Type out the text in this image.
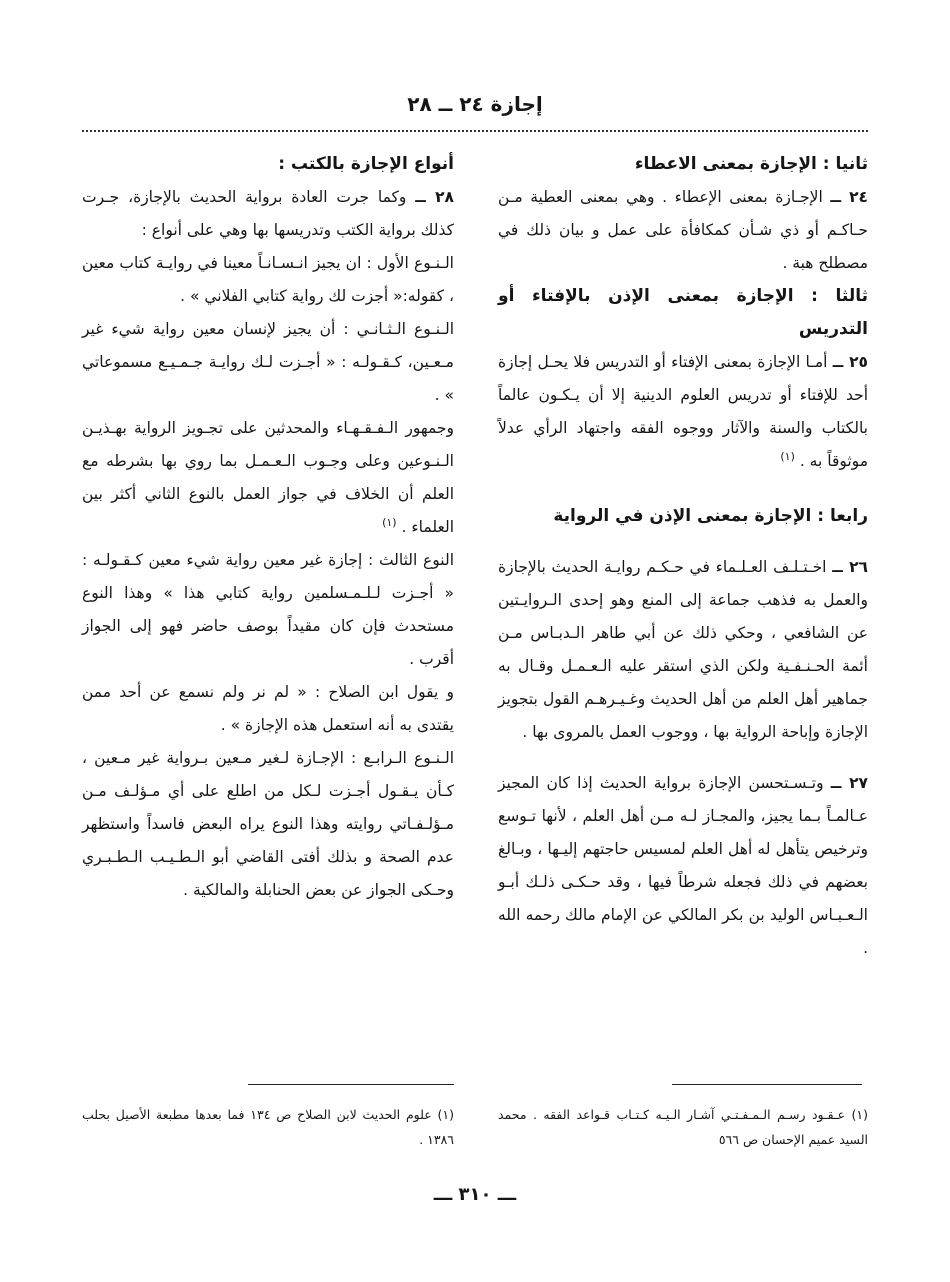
إجازة ٢٤ ــ ٢٨

ثانيا : الإجازة بمعنى الاعطاء

٢٤ ــ الإجـازة بمعنى الإعطاء . وهي بمعنى العطية مـن حـاكـم أو ذي شـأن كمكافأة على عمل و بيان ذلك في مصطلح هبة .

ثالثا : الإجازة بمعنى الإذن بالإفتاء أو التدريس

٢٥ ــ أمـا الإجازة بمعنى الإفتاء أو التدريس فلا يحـل إجازة أحد للإفتاء أو تدريس العلوم الدينية إلا أن يـكـون عالماً بالكتاب والسنة والآثار ووجوه الفقه واجتهاد الرأي عدلاً موثوقاً به . $^{(١)}$

رابعا : الإجازة بمعنى الإذن في الرواية

٢٦ ــ اخـتـلـف العـلـماء في حـكـم روايـة الحديث بالإجازة والعمل به فذهب جماعة إلى المنع وهو إحدى الـروايـتين عن الشافعي ، وحكي ذلك عن أبي طاهر الـدبـاس مـن أئمة الحـنـفـية ولكن الذي استقر عليه الـعـمـل وقـال به جماهير أهل العلم من أهل الحديث وغـيـرهـم القول بتجويز الإجازة وإباحة الرواية بها ، ووجوب العمل بالمروى بها .

٢٧ ــ وتـسـتحسن الإجازة برواية الحديث إذا كان المجيز عـالمـاً بـما يجيز، والمجـاز لـه مـن أهل العلم ، لأنها تـوسع وترخيص يتأهل له أهل العلم لمسيس حاجتهم إليـها ، وبـالغ بعضهم في ذلك فجعله شرطاً فيها ، وقد حـكـى ذلـك أبـو الـعـبـاس الوليد بن بكر المالكي عن الإمام مالك رحمه الله .

أنواع الإجازة بالكتب :

٢٨ ــ وكما جرت العادة برواية الحديث بالإجازة، جـرت كذلك برواية الكتب وتدريسها بها وهي على أنواع :

الـنـوع الأول : ان يجيز انـسـانـاً معينا في روايـة كتاب معين ، كقوله:« أجزت لك رواية كتابي الفلاني » .

الـنـوع الـثـانـي : أن يجيز لإنسان معين رواية شيء غير مـعـين، كـقـولـه : « أجـزت لـك روايـة جـمـيـع مسموعاتي » .

وجمهور الـفـقـهـاء والمحدثين على تجـويز الرواية بهـذيـن الـنـوعين وعلى وجـوب الـعـمـل بما روي بها بشرطه مع العلم أن الخلاف في جواز العمل بالنوع الثاني أكثر بين العلماء . $^{(١)}$

النوع الثالث : إجازة غير معين رواية شيء معين كـقـولـه : « أجـزت لـلـمـسلمين رواية كتابي هذا » وهذا النوع مستحدث فإن كان مقيداً بوصف حاضر فهو إلى الجواز أقرب .

و يقول ابن الصلاح : « لم نر ولم نسمع عن أحد ممن يقتدى به أنه استعمل هذه الإجازة » .

الـنـوع الـرابـع : الإجـازة لـغير مـعين بـرواية غير مـعين ، كـأن يـقـول أجـزت لـكل من اطلع على أي مـؤلـف مـن مـؤلـفـاتي روايته وهذا النوع يراه البعض فاسداً واستظهر عدم الصحة و بذلك أفتى القاضي أبو الـطـيـب الـطـبـري وحـكى الجواز عن بعض الحنابلة والمالكية .

(١) عـقـود رسـم الـمـفـتـي آشـار الـيـه كـتـاب قـواعد الفقه . محمد السيد عميم الإحسان ص ٥٦٦
(١) علوم الحديث لابن الصلاح ص ١٣٤ فما بعدها مطبعة الأصيل بحلب ١٣٨٦ .
ـــ ٣١٠ ـــ
